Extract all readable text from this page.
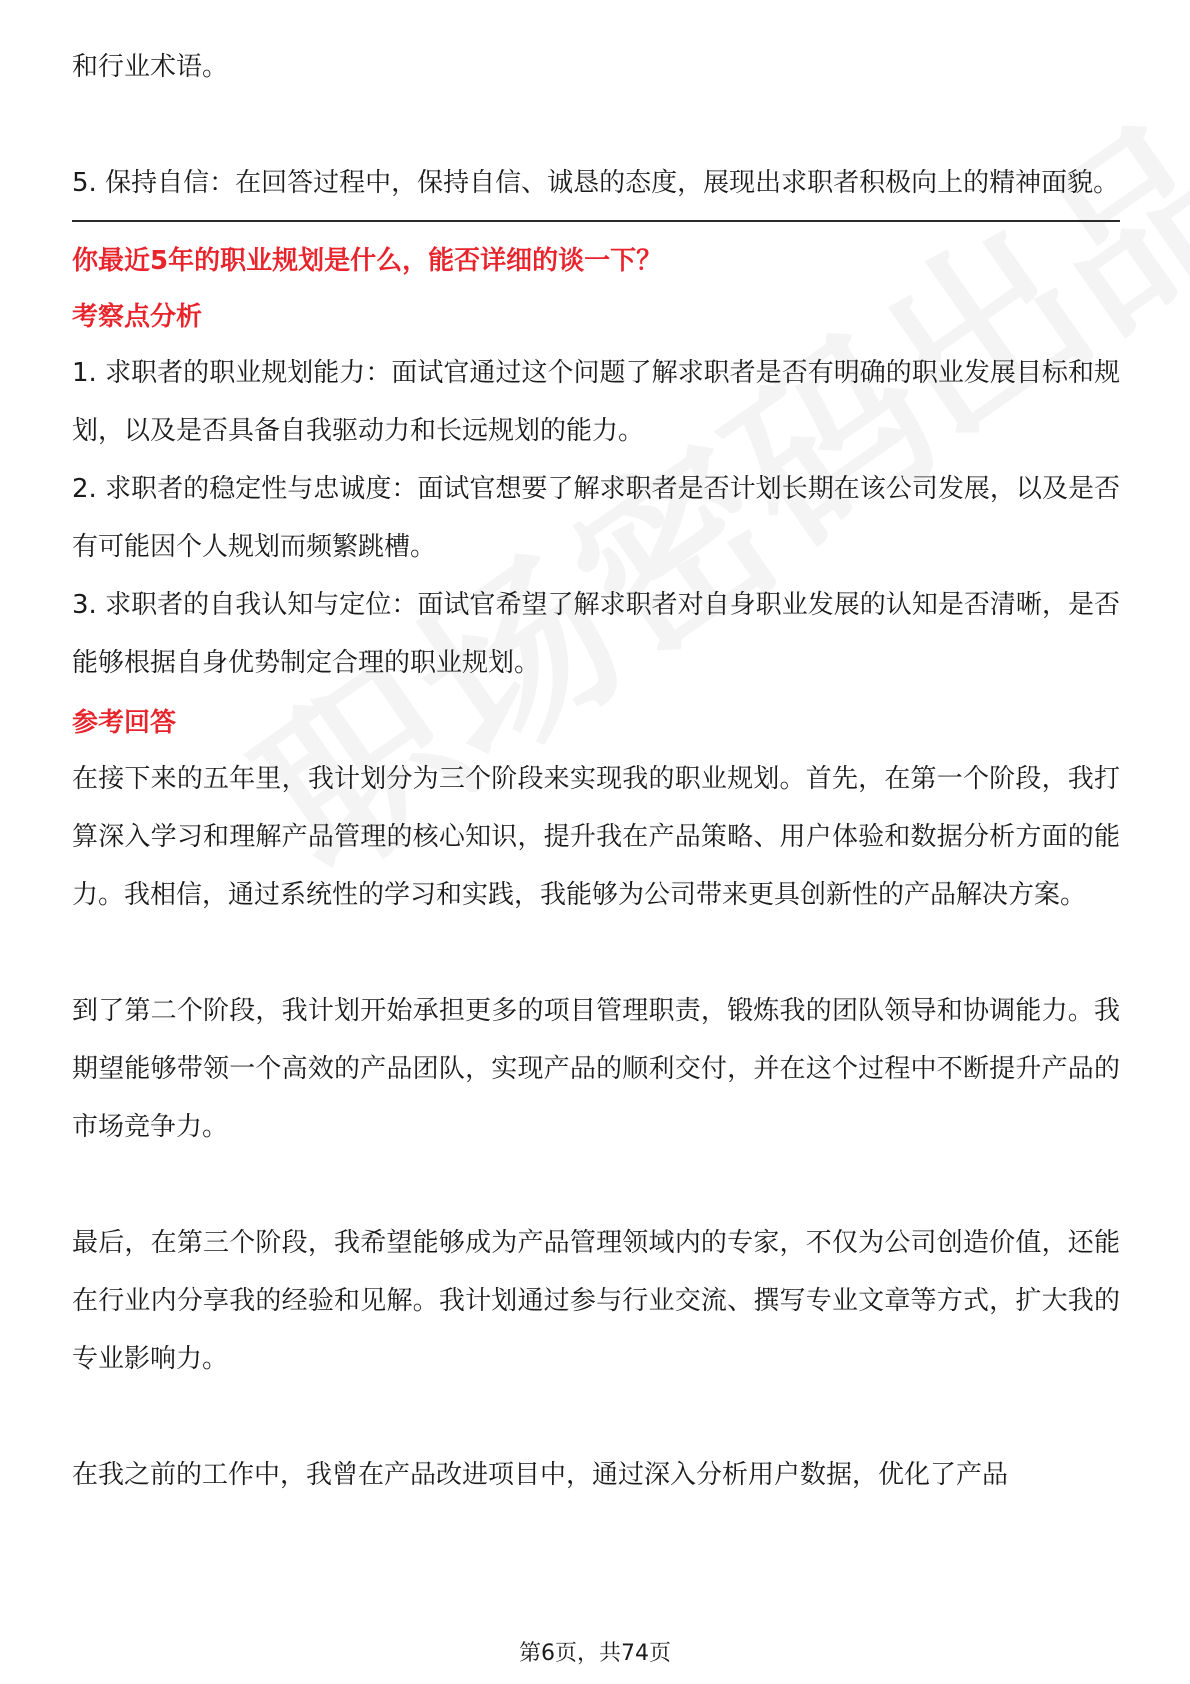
和行业术语。

5. 保持自信：在回答过程中，保持自信、诚恳的态度，展现出求职者积极向上的精神面貌。

你最近5年的职业规划是什么，能否详细的谈一下？

考察点分析

1. 求职者的职业规划能力：面试官通过这个问题了解求职者是否有明确的职业发展目标和规划，以及是否具备自我驱动力和长远规划的能力。

2. 求职者的稳定性与忠诚度：面试官想要了解求职者是否计划长期在该公司发展，以及是否有可能因个人规划而频繁跳槽。

3. 求职者的自我认知与定位：面试官希望了解求职者对自身职业发展的认知是否清晰，是否能够根据自身优势制定合理的职业规划。

参考回答

在接下来的五年里，我计划分为三个阶段来实现我的职业规划。首先，在第一个阶段，我打算深入学习和理解产品管理的核心知识，提升我在产品策略、用户体验和数据分析方面的能力。我相信，通过系统性的学习和实践，我能够为公司带来更具创新性的产品解决方案。

到了第二个阶段，我计划开始承担更多的项目管理职责，锻炼我的团队领导和协调能力。我期望能够带领一个高效的产品团队，实现产品的顺利交付，并在这个过程中不断提升产品的市场竞争力。

最后，在第三个阶段，我希望能够成为产品管理领域内的专家，不仅为公司创造价值，还能在行业内分享我的经验和见解。我计划通过参与行业交流、撰写专业文章等方式，扩大我的专业影响力。

在我之前的工作中，我曾在产品改进项目中，通过深入分析用户数据，优化了产品

第6页，共74页
